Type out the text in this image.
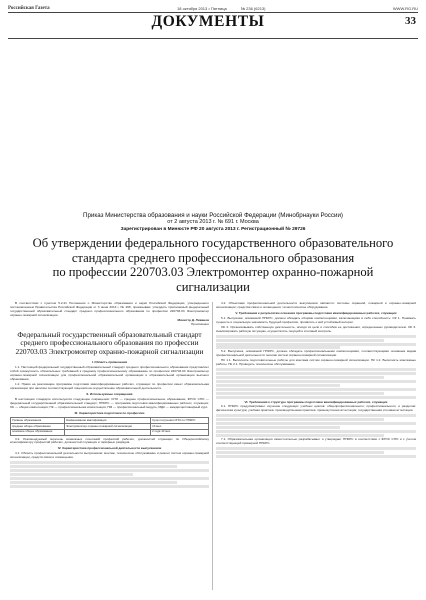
Российская Газета	18 октября 2013 • Пятница	№ 236 (6213)	WWW.RG.RU
ДОКУМЕНТЫ	33
Приказ Министерства образования и науки Российской Федерации (Минобрнауки России)
от 2 августа 2013 г. № 691 г. Москва
Зарегистрирован в Минюсте РФ 20 августа 2013 г. Регистрационный № 29726
Об утверждении федерального государственного образовательного
стандарта среднего профессионального образования
по профессии 220703.03 Электромонтер охранно-пожарной
сигнализации

В соответствии с пунктом 5.2.41 Положения о Министерстве образования и науки Российской Федерации, утвержденного постановлением Правительства Российской Федерации от 3 июня 2013 г. № 466, приказываю: утвердить прилагаемый федеральный государственный образовательный стандарт среднего профессионального образования по профессии 220703.03 Электромонтер охранно-пожарной сигнализации.

Министр Д. Ливанов

Приложение

Федеральный государственный образовательный стандарт среднего профессионального образования по профессии 220703.03 Электромонтер охранно-пожарной сигнализации
I. Область применения

1.1. Настоящий федеральный государственный образовательный стандарт среднего профессионального образования представляет собой совокупность обязательных требований к среднему профессиональному образованию по профессии 220703.03 Электромонтер охранно-пожарной сигнализации для профессиональной образовательной организации и образовательной организации высшего образования.

1.2. Право на реализацию программы подготовки квалифицированных рабочих, служащих по профессии имеет образовательная организация при наличии соответствующей лицензии на осуществление образовательной деятельности.

II. Используемые сокращения

В настоящем стандарте используются следующие сокращения: СПО — среднее профессиональное образование; ФГОС СПО — федеральный государственный образовательный стандарт; ППКРС — программа подготовки квалифицированных рабочих, служащих; ОК — общая компетенция; ПК — профессиональная компетенция; ПМ — профессиональный модуль; МДК — междисциплинарный курс.

III. Характеристика подготовки по профессии
Уровень образования	Наименование квалификации	Срок получения СПО по ППКРС
среднее общее образование	Электромонтер охранно-пожарной сигнализации	10 мес.
основное общее образование		2 года 10 мес.

3.2. Рекомендуемый перечень возможных сочетаний профессий рабочих, должностей служащих по Общероссийскому классификатору профессий рабочих, должностей служащих и тарифных разрядов.

IV. Характеристика профессиональной деятельности выпускников

4.1. Область профессиональной деятельности выпускников: монтаж, техническое обслуживание и ремонт систем охранно-пожарной сигнализации, средств связи и оповещения.

4.2. Объектами профессиональной деятельности выпускников являются: системы охранной, пожарной и охранно-пожарной сигнализации; средства связи и оповещения; технологическое оборудование.

V. Требования к результатам освоения программы подготовки квалифицированных рабочих, служащих

5.1. Выпускник, освоивший ППКРС, должен обладать общими компетенциями, включающими в себя способность: ОК 1. Понимать сущность и социальную значимость будущей профессии, проявлять к ней устойчивый интерес.

ОК 2. Организовывать собственную деятельность, исходя из цели и способов ее достижения, определенных руководителем. ОК 3. Анализировать рабочую ситуацию, осуществлять текущий и итоговый контроль.

5.2. Выпускник, освоивший ППКРС, должен обладать профессиональными компетенциями, соответствующими основным видам профессиональной деятельности: монтаж систем охранно-пожарной сигнализации.

ПК 1.1. Выполнять подготовительные работы для монтажа систем охранно-пожарной сигнализации. ПК 1.2. Выполнять монтажные работы. ПК 2.1. Проводить техническое обслуживание.

VI. Требования к структуре программы подготовки квалифицированных рабочих, служащих

6.1. ППКРС предусматривает изучение следующих учебных циклов: общепрофессионального; профессионального; и разделов: физическая культура; учебная практика; производственная практика; промежуточная аттестация; государственная итоговая аттестация.

7.1. Образовательная организация самостоятельно разрабатывает и утверждает ППКРС в соответствии с ФГОС СПО и с учетом соответствующей примерной ППКРС.
